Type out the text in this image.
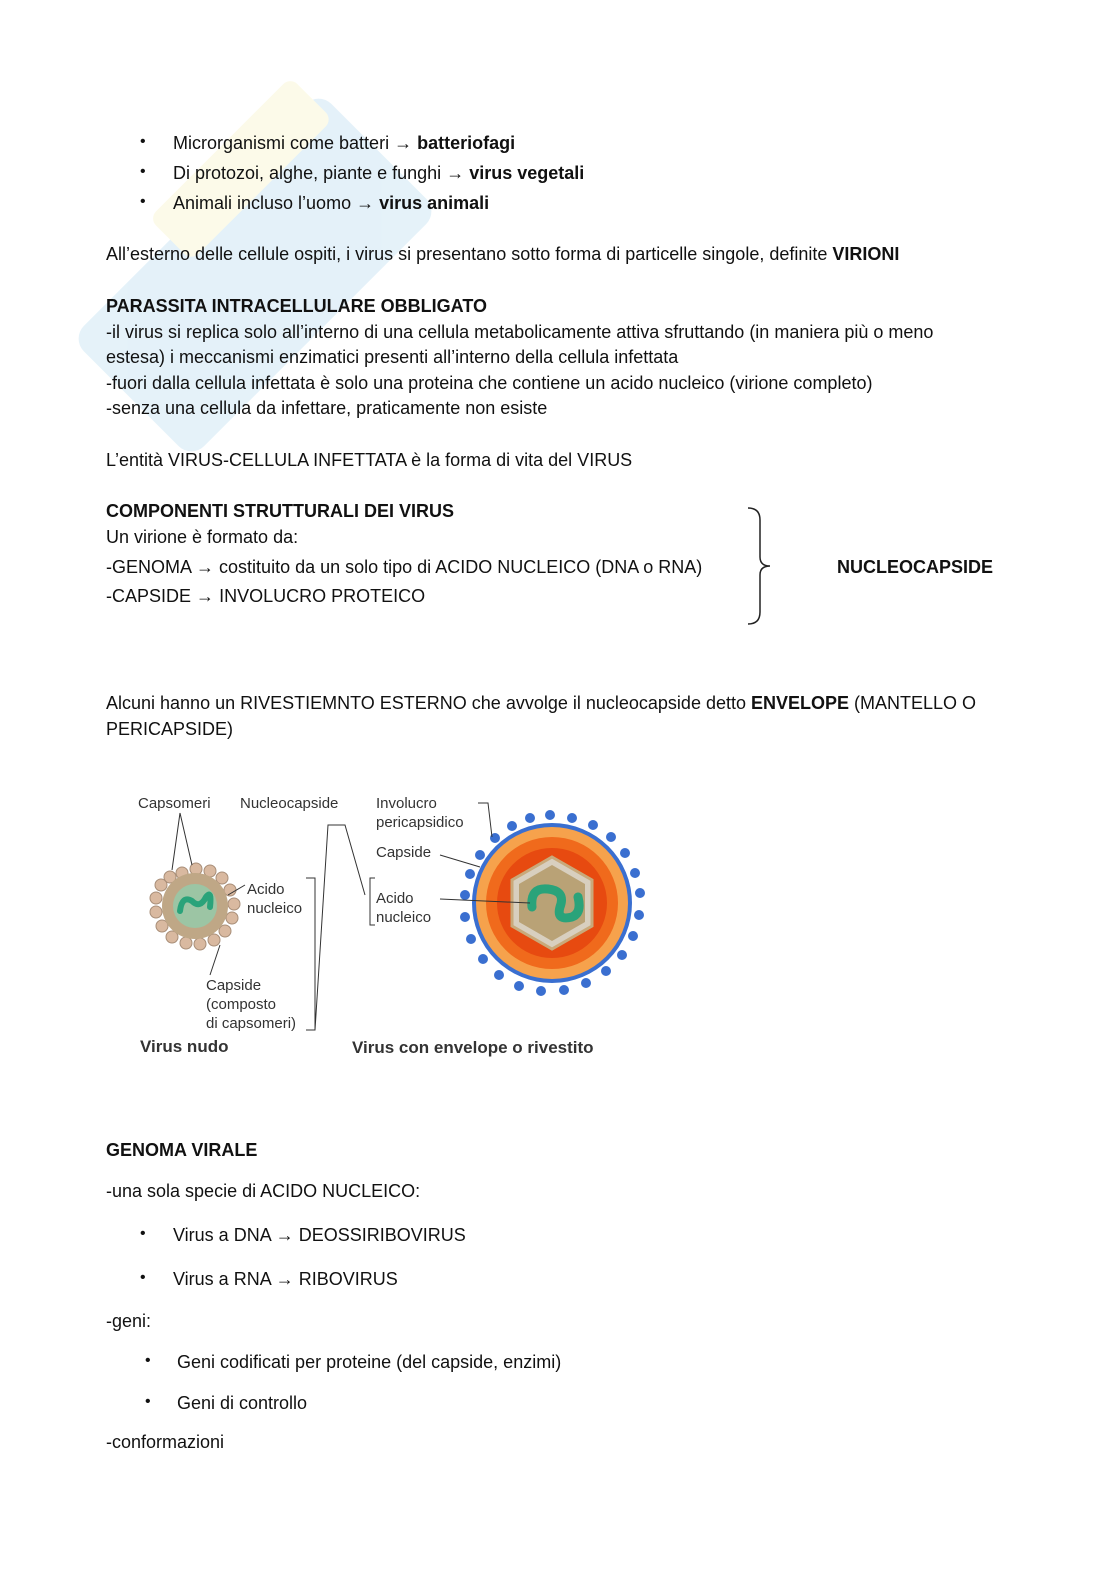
• Microrganismi come batteri → batteriofagi
• Di protozoi, alghe, piante e funghi → virus vegetali
• Animali incluso l’uomo → virus animali
All’esterno delle cellule ospiti, i virus si presentano sotto forma di particelle singole, definite VIRIONI
PARASSITA INTRACELLULARE OBBLIGATO
-il virus si replica solo all’interno di una cellula metabolicamente attiva sfruttando (in maniera più o meno
estesa) i meccanismi enzimatici presenti all’interno della cellula infettata
-fuori dalla cellula infettata è solo una proteina che contiene un acido nucleico (virione completo)
-senza una cellula da infettare, praticamente non esiste
L’entità VIRUS-CELLULA INFETTATA è la forma di vita del VIRUS
COMPONENTI STRUTTURALI DEI VIRUS
Un virione è formato da:
-GENOMA → costituito da un solo tipo di ACIDO NUCLEICO (DNA o RNA)
-CAPSIDE → INVOLUCRO PROTEICO
NUCLEOCAPSIDE
Alcuni hanno un RIVESTIEMNTO ESTERNO che avvolge il nucleocapside detto ENVELOPE (MANTELLO O
PERICAPSIDE)
Capsomeri Nucleocapside	Involucro
pericapsidico
Capside
Acido
nucleico
Acido
nucleico
Capside
(composto
di capsomeri)
Virus nudo	Virus con envelope o rivestito
GENOMA VIRALE
-una sola specie di ACIDO NUCLEICO:
• Virus a DNA → DEOSSIRIBOVIRUS
• Virus a RNA → RIBOVIRUS
-geni:
• Geni codificati per proteine (del capside, enzimi)
• Geni di controllo
-conformazioni
